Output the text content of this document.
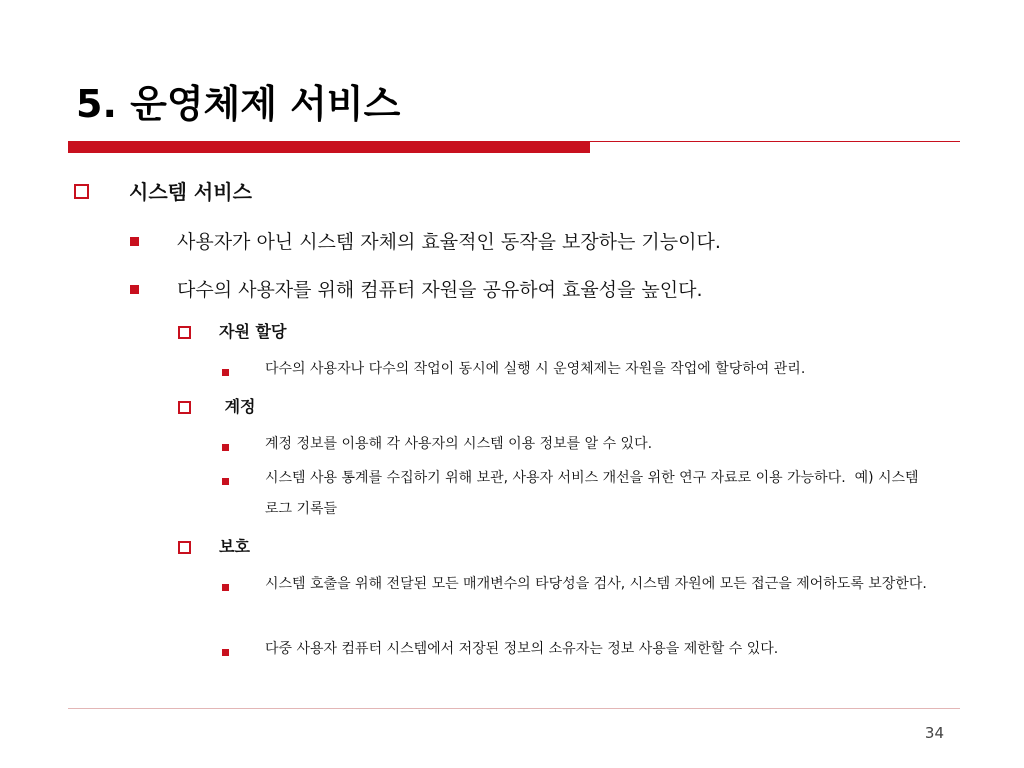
5. 운영체제 서비스
시스템 서비스
사용자가 아닌 시스템 자체의 효율적인 동작을 보장하는 기능이다.
다수의 사용자를 위해 컴퓨터 자원을 공유하여 효율성을 높인다.
자원 할당
다수의 사용자나 다수의 작업이 동시에 실행 시 운영체제는 자원을 작업에 할당하여 관리.
계정
계정 정보를 이용해 각 사용자의 시스템 이용 정보를 알 수 있다.
시스템 사용 통계를 수집하기 위해 보관, 사용자 서비스 개선을 위한 연구 자료로 이용 가능하다.  예) 시스템 로그 기록들
보호
시스템 호출을 위해 전달된 모든 매개변수의 타당성을 검사, 시스템 자원에 모든 접근을 제어하도록 보장한다.
다중 사용자 컴퓨터 시스템에서 저장된 정보의 소유자는 정보 사용을 제한할 수 있다.
34
